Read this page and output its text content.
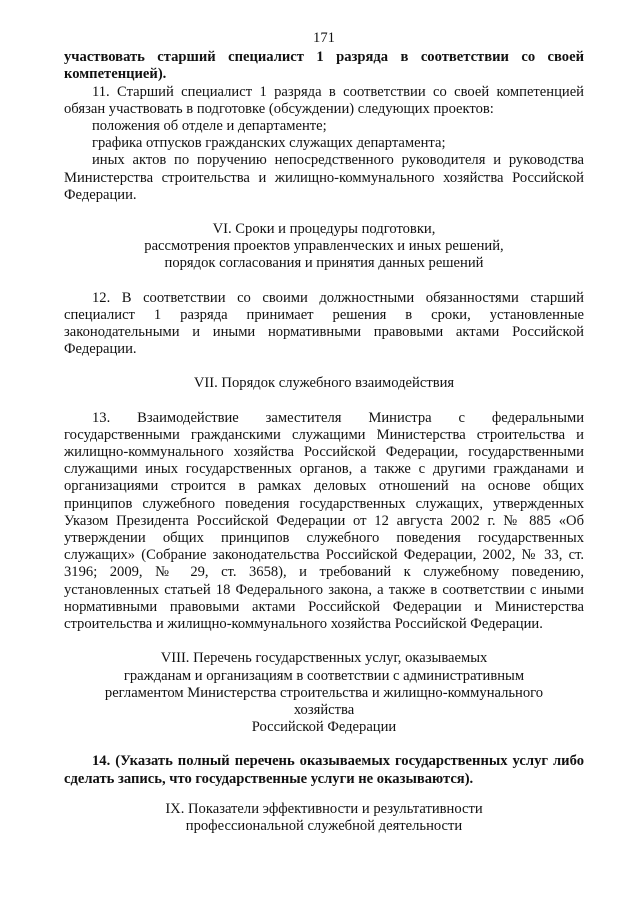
171

участвовать старший специалист 1 разряда в соответствии со своей компетенцией).

11. Старший специалист 1 разряда в соответствии со своей компетенцией обязан участвовать в подготовке (обсуждении) следующих проектов:

положения об отделе и департаменте;

графика отпусков гражданских служащих департамента;

иных актов по поручению непосредственного руководителя и руководства Министерства строительства и жилищно-коммунального хозяйства Российской Федерации.

VI. Сроки и процедуры подготовки,
рассмотрения проектов управленческих и иных решений,
порядок согласования и принятия данных решений

12. В соответствии со своими должностными обязанностями старший специалист 1 разряда принимает решения в сроки, установленные законодательными и иными нормативными правовыми актами Российской Федерации.

VII. Порядок служебного взаимодействия

13. Взаимодействие заместителя Министра с федеральными государственными гражданскими служащими Министерства строительства и жилищно-коммунального хозяйства Российской Федерации, государственными служащими иных государственных органов, а также с другими гражданами и организациями строится в рамках деловых отношений на основе общих принципов служебного поведения государственных служащих, утвержденных Указом Президента Российской Федерации от 12 августа 2002 г. № 885 «Об утверждении общих принципов служебного поведения государственных служащих» (Собрание законодательства Российской Федерации, 2002, № 33, ст. 3196; 2009, № 29, ст. 3658), и требований к служебному поведению, установленных статьей 18 Федерального закона, а также в соответствии с иными нормативными правовыми актами Российской Федерации и Министерства строительства и жилищно-коммунального хозяйства Российской Федерации.

VIII. Перечень государственных услуг, оказываемых
гражданам и организациям в соответствии с административным
регламентом Министерства строительства и жилищно-коммунального
хозяйства
Российской Федерации

14. (Указать полный перечень оказываемых государственных услуг либо сделать запись, что государственные услуги не оказываются).

IX. Показатели эффективности и результативности
профессиональной служебной деятельности
